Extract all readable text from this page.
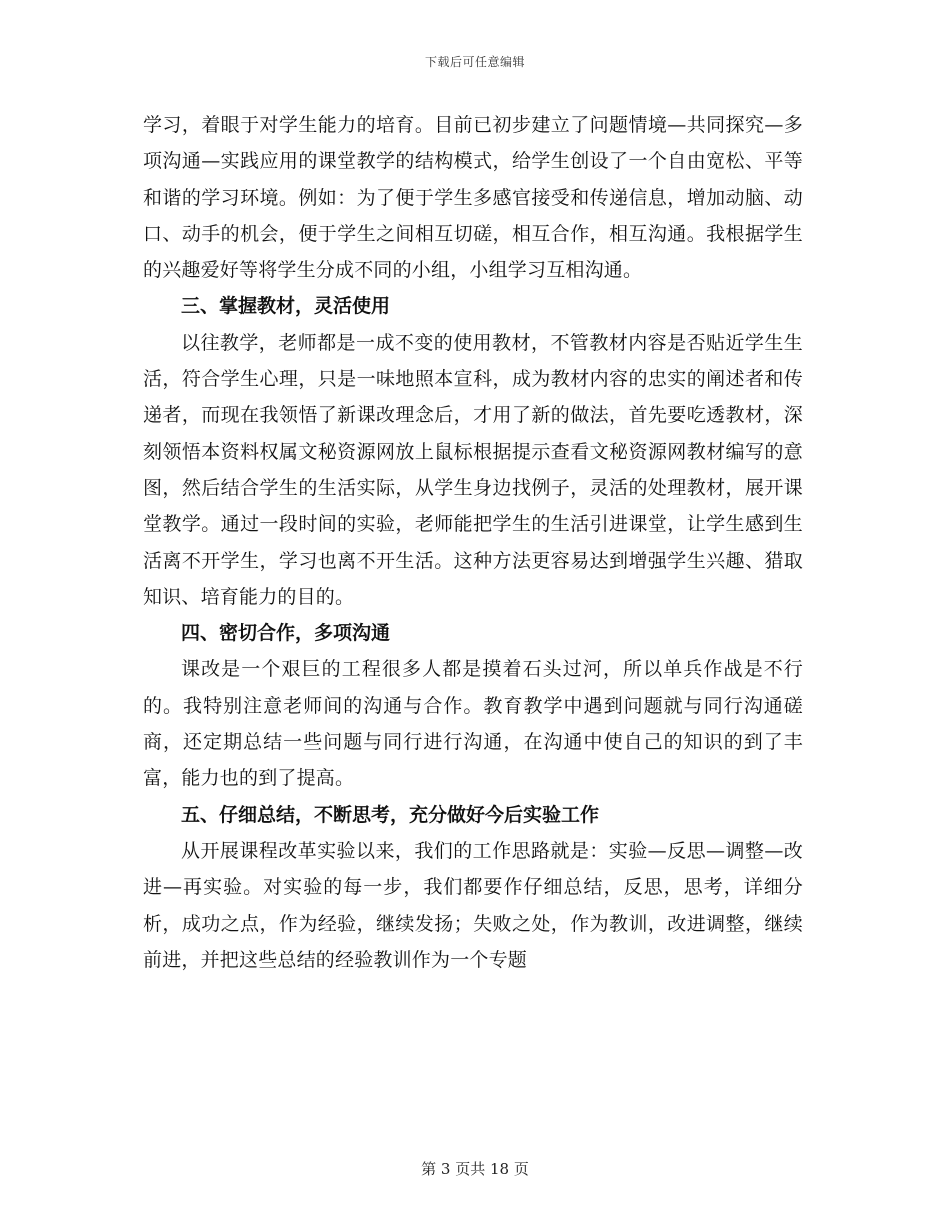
下载后可任意编辑

学习，着眼于对学生能力的培育。目前已初步建立了问题情境—共同探究—多项沟通—实践应用的课堂教学的结构模式，给学生创设了一个自由宽松、平等和谐的学习环境。例如：为了便于学生多感官接受和传递信息，增加动脑、动口、动手的机会，便于学生之间相互切磋，相互合作，相互沟通。我根据学生的兴趣爱好等将学生分成不同的小组，小组学习互相沟通。

三、掌握教材，灵活使用

以往教学，老师都是一成不变的使用教材，不管教材内容是否贴近学生生活，符合学生心理，只是一味地照本宣科，成为教材内容的忠实的阐述者和传递者，而现在我领悟了新课改理念后，才用了新的做法，首先要吃透教材，深刻领悟本资料权属文秘资源网放上鼠标根据提示查看文秘资源网教材编写的意图，然后结合学生的生活实际，从学生身边找例子，灵活的处理教材，展开课堂教学。通过一段时间的实验，老师能把学生的生活引进课堂，让学生感到生活离不开学生，学习也离不开生活。这种方法更容易达到增强学生兴趣、猎取知识、培育能力的目的。

四、密切合作，多项沟通

课改是一个艰巨的工程很多人都是摸着石头过河，所以单兵作战是不行的。我特别注意老师间的沟通与合作。教育教学中遇到问题就与同行沟通磋商，还定期总结一些问题与同行进行沟通，在沟通中使自己的知识的到了丰富，能力也的到了提高。

五、仔细总结，不断思考，充分做好今后实验工作

从开展课程改革实验以来，我们的工作思路就是：实验—反思—调整—改进—再实验。对实验的每一步，我们都要作仔细总结，反思，思考，详细分析，成功之点，作为经验，继续发扬；失败之处，作为教训，改进调整，继续前进，并把这些总结的经验教训作为一个专题

第 3 页共 18 页
